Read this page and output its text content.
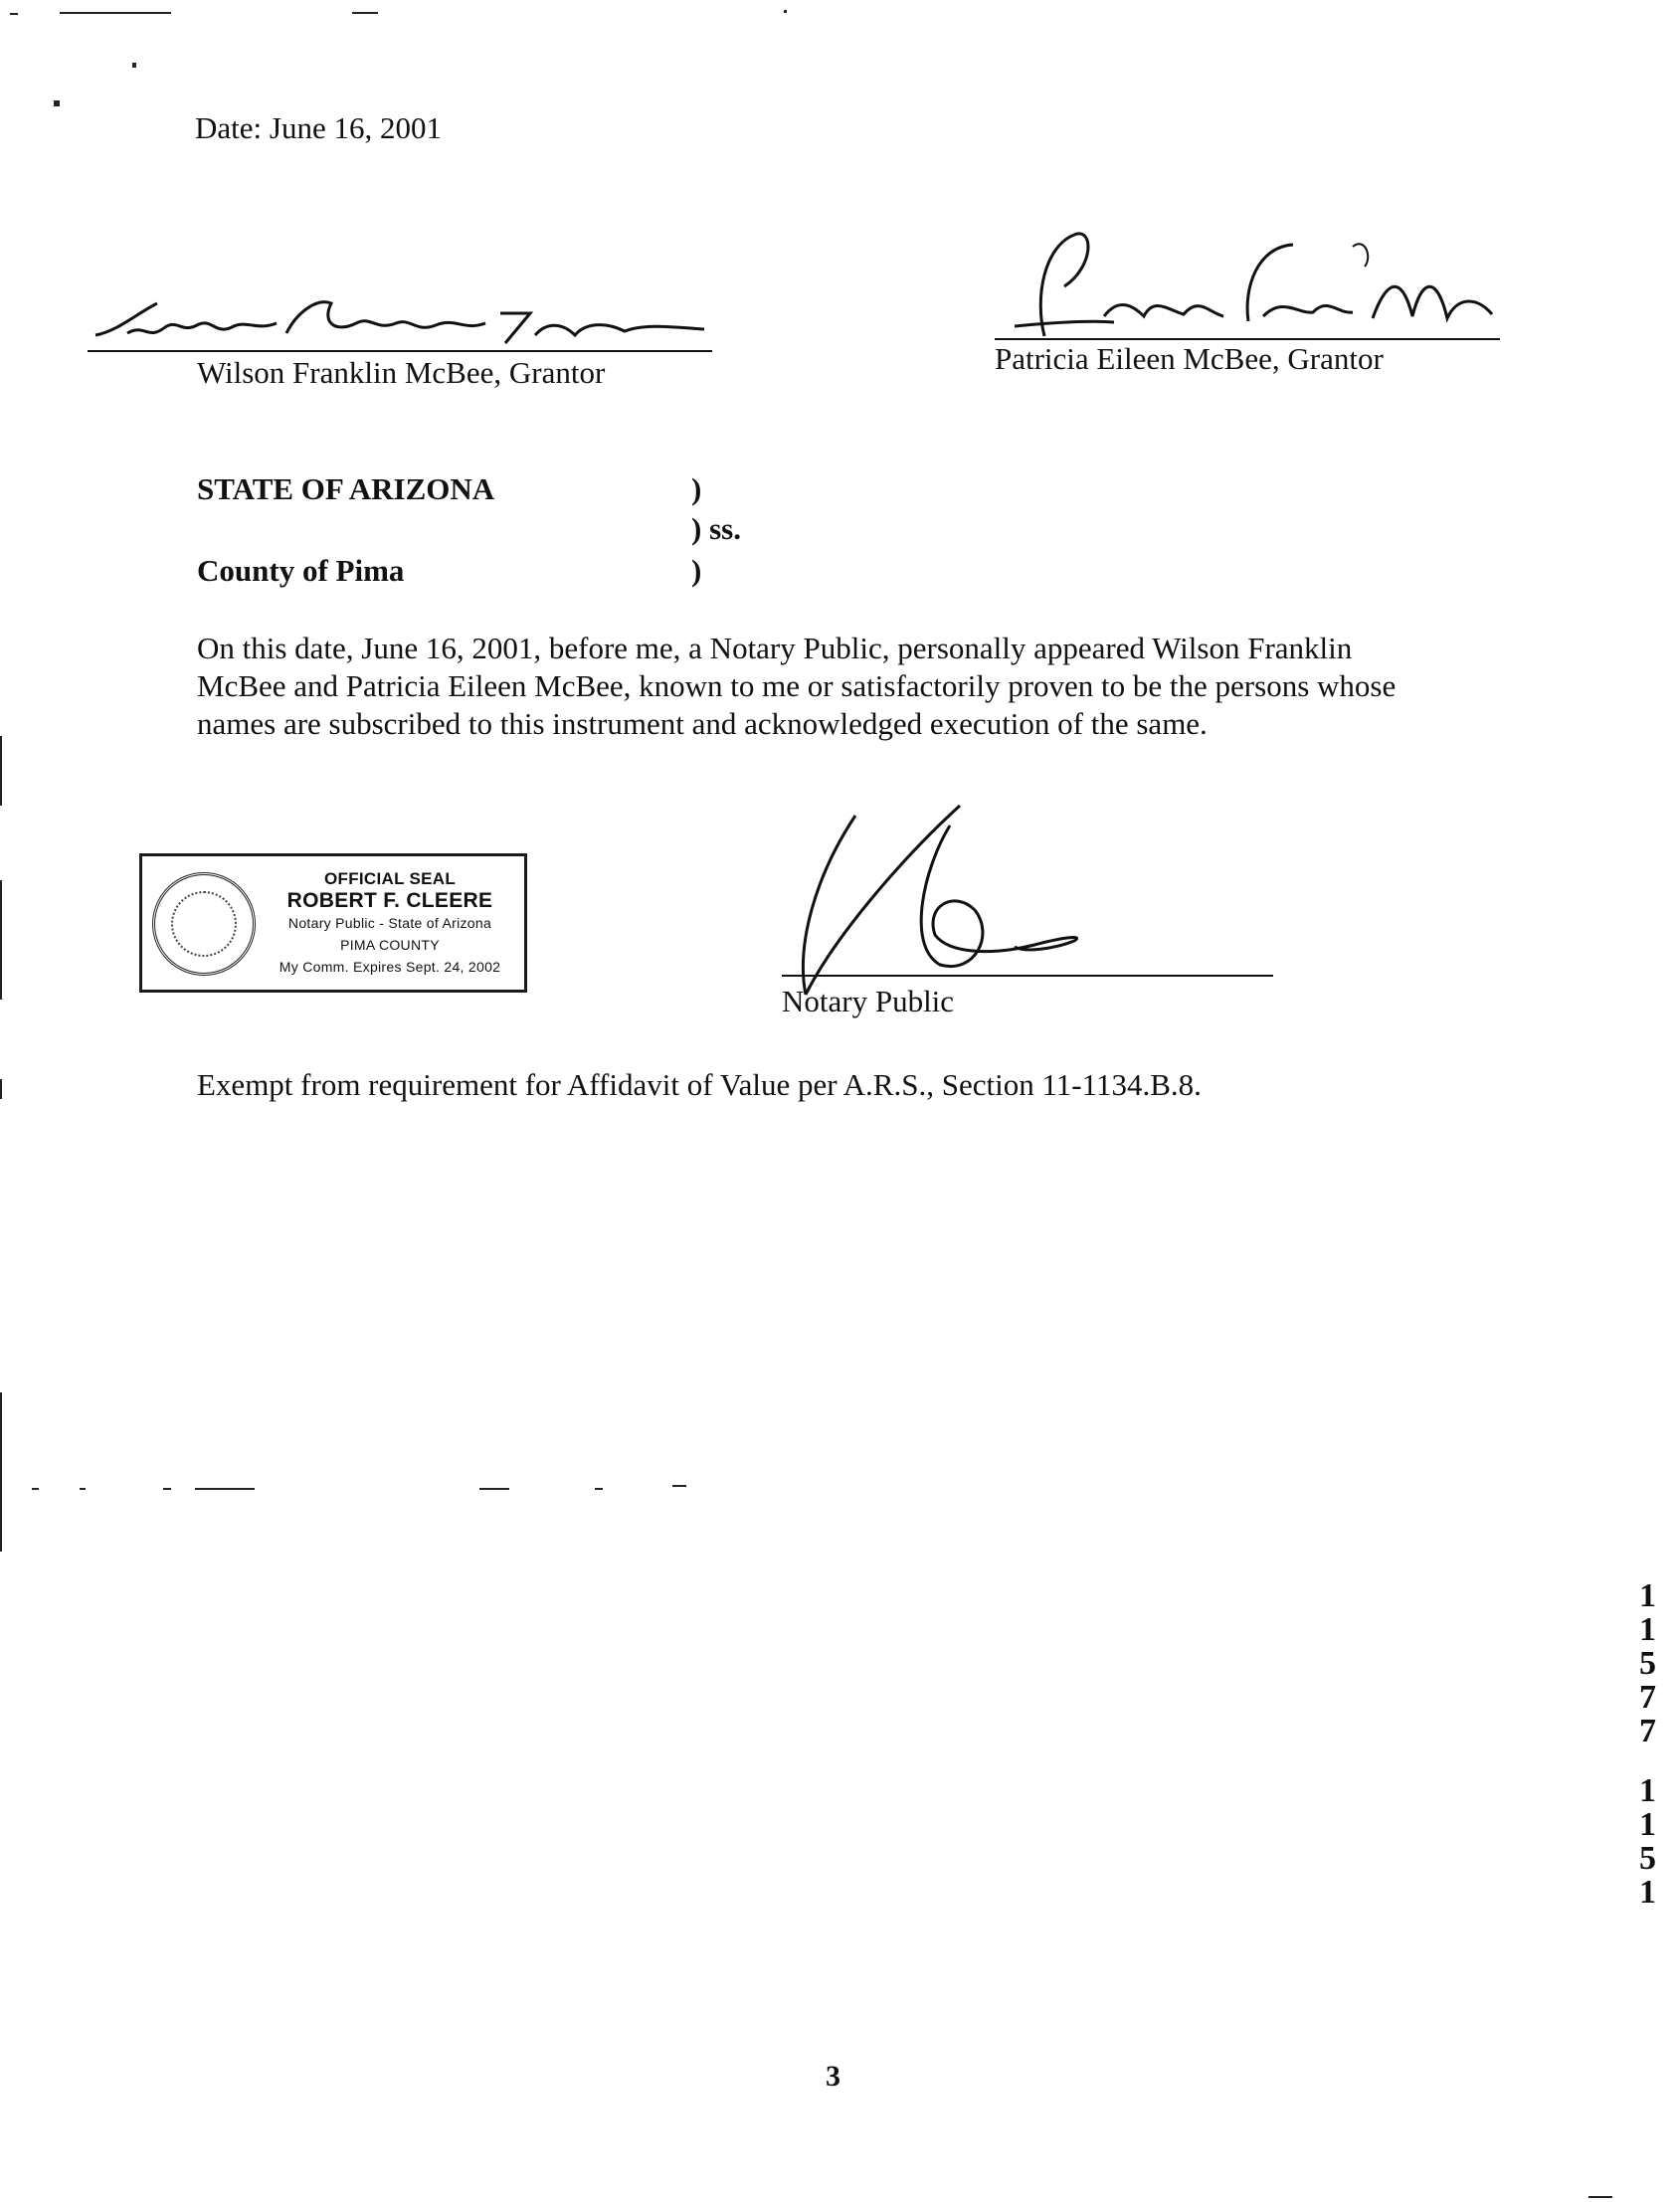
Date: June 16, 2001
Wilson Franklin McBee, Grantor	Patricia Eileen McBee, Grantor
STATE OF ARIZONA	)
) ss.
County of Pima	)
On this date, June 16, 2001, before me, a Notary Public, personally appeared Wilson Franklin
McBee and Patricia Eileen McBee, known to me or satisfactorily proven to be the persons whose
names are subscribed to this instrument and acknowledged execution of the same.
OFFICIAL SEAL
ROBERT F. CLEERE
Notary Public - State of Arizona
PIMA COUNTY
My Comm. Expires Sept. 24, 2002
Notary Public
Exempt from requirement for Affidavit of Value per A.R.S., Section 11-1134.B.8.
1
1
5
7
7
1
1
5
1
3
